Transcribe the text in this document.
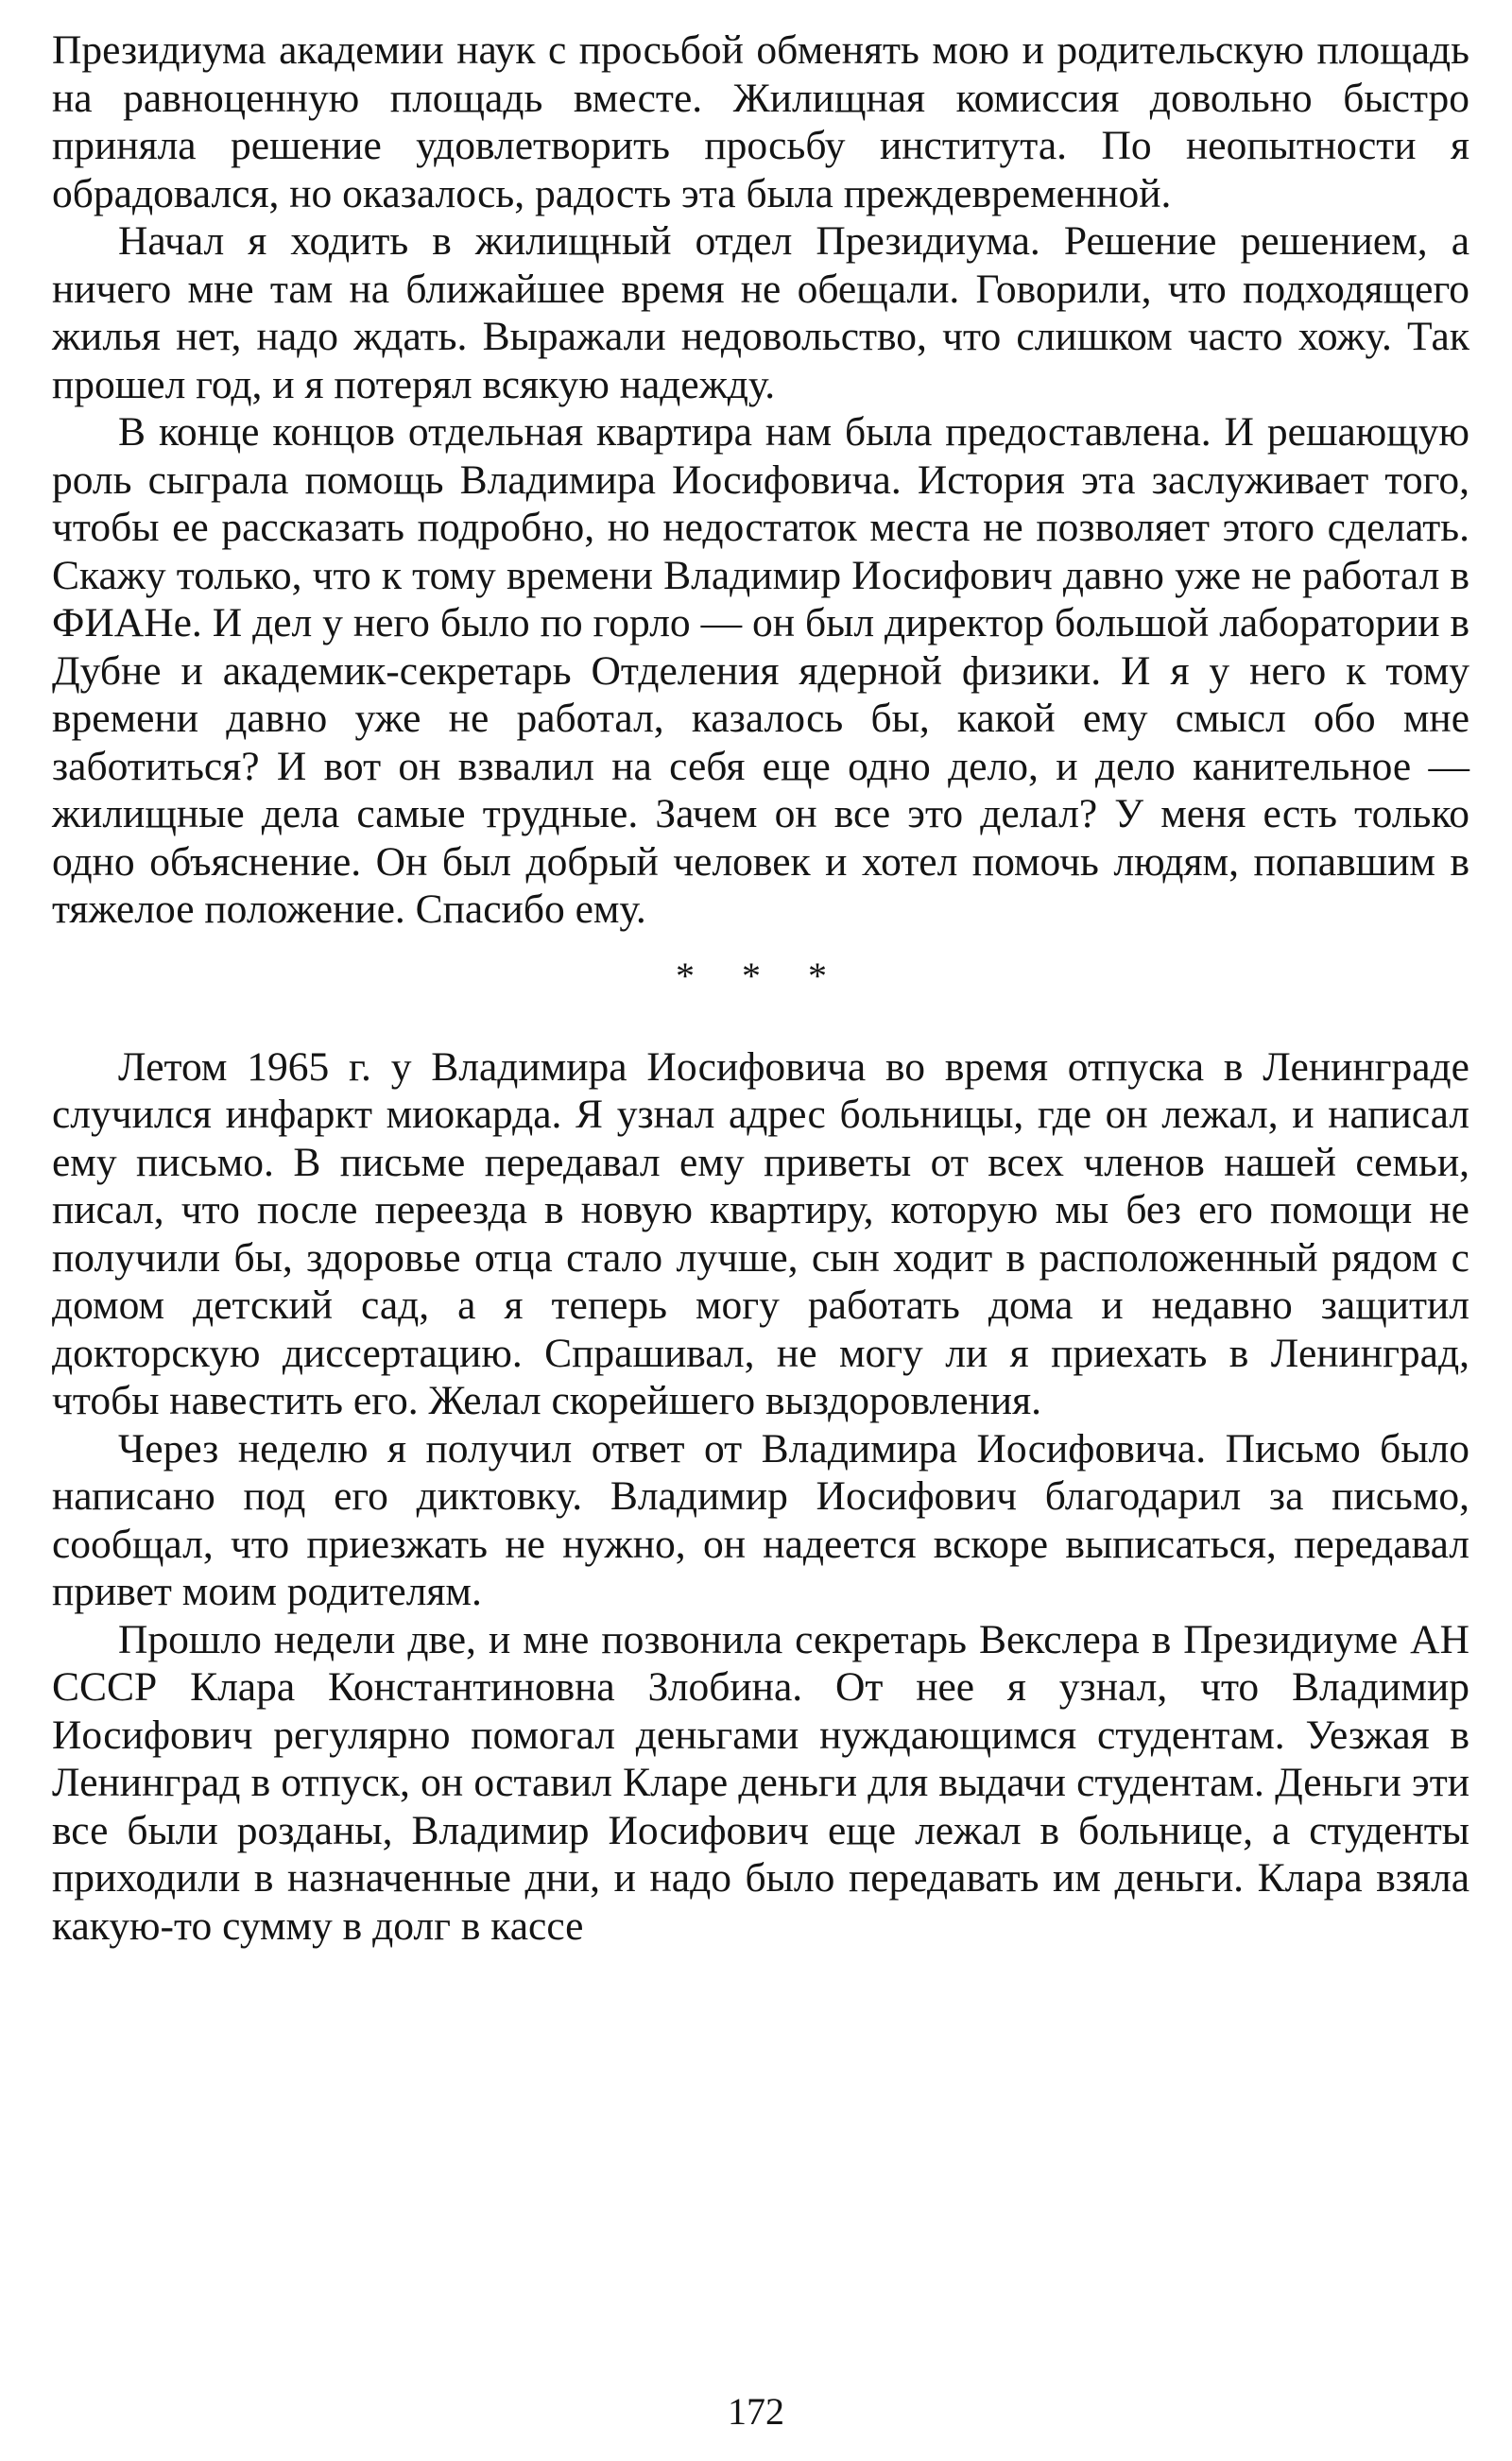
Президиума академии наук с просьбой обменять мою и родительскую площадь на равноценную площадь вместе. Жилищная комиссия довольно быстро приняла решение удовлетворить просьбу института. По неопытности я обрадовался, но оказалось, радость эта была преждевременной.

Начал я ходить в жилищный отдел Президиума. Решение решением, а ничего мне там на ближайшее время не обещали. Говорили, что подходящего жилья нет, надо ждать. Выражали недовольство, что слишком часто хожу. Так прошел год, и я потерял всякую надежду.

В конце концов отдельная квартира нам была предоставлена. И решающую роль сыграла помощь Владимира Иосифовича. История эта заслуживает того, чтобы ее рассказать подробно, но недостаток места не позволяет этого сделать. Скажу только, что к тому времени Владимир Иосифович давно уже не работал в ФИАНе. И дел у него было по горло — он был директор большой лаборатории в Дубне и академик-секретарь Отделения ядерной физики. И я у него к тому времени давно уже не работал, казалось бы, какой ему смысл обо мне заботиться? И вот он взвалил на себя еще одно дело, и дело канительное — жилищные дела самые трудные. Зачем он все это делал? У меня есть только одно объяснение. Он был добрый человек и хотел помочь людям, попавшим в тяжелое положение. Спасибо ему.

* * *

Летом 1965 г. у Владимира Иосифовича во время отпуска в Ленинграде случился инфаркт миокарда. Я узнал адрес больницы, где он лежал, и написал ему письмо. В письме передавал ему приветы от всех членов нашей семьи, писал, что после переезда в новую квартиру, которую мы без его помощи не получили бы, здоровье отца стало лучше, сын ходит в расположенный рядом с домом детский сад, а я теперь могу работать дома и недавно защитил докторскую диссертацию. Спрашивал, не могу ли я приехать в Ленинград, чтобы навестить его. Желал скорейшего выздоровления.

Через неделю я получил ответ от Владимира Иосифовича. Письмо было написано под его диктовку. Владимир Иосифович благодарил за письмо, сообщал, что приезжать не нужно, он надеется вскоре выписаться, передавал привет моим родителям.

Прошло недели две, и мне позвонила секретарь Векслера в Президиуме АН СССР Клара Константиновна Злобина. От нее я узнал, что Владимир Иосифович регулярно помогал деньгами нуждающимся студентам. Уезжая в Ленинград в отпуск, он оставил Кларе деньги для выдачи студентам. Деньги эти все были розданы, Владимир Иосифович еще лежал в больнице, а студенты приходили в назначенные дни, и надо было передавать им деньги. Клара взяла какую-то сумму в долг в кассе

172
